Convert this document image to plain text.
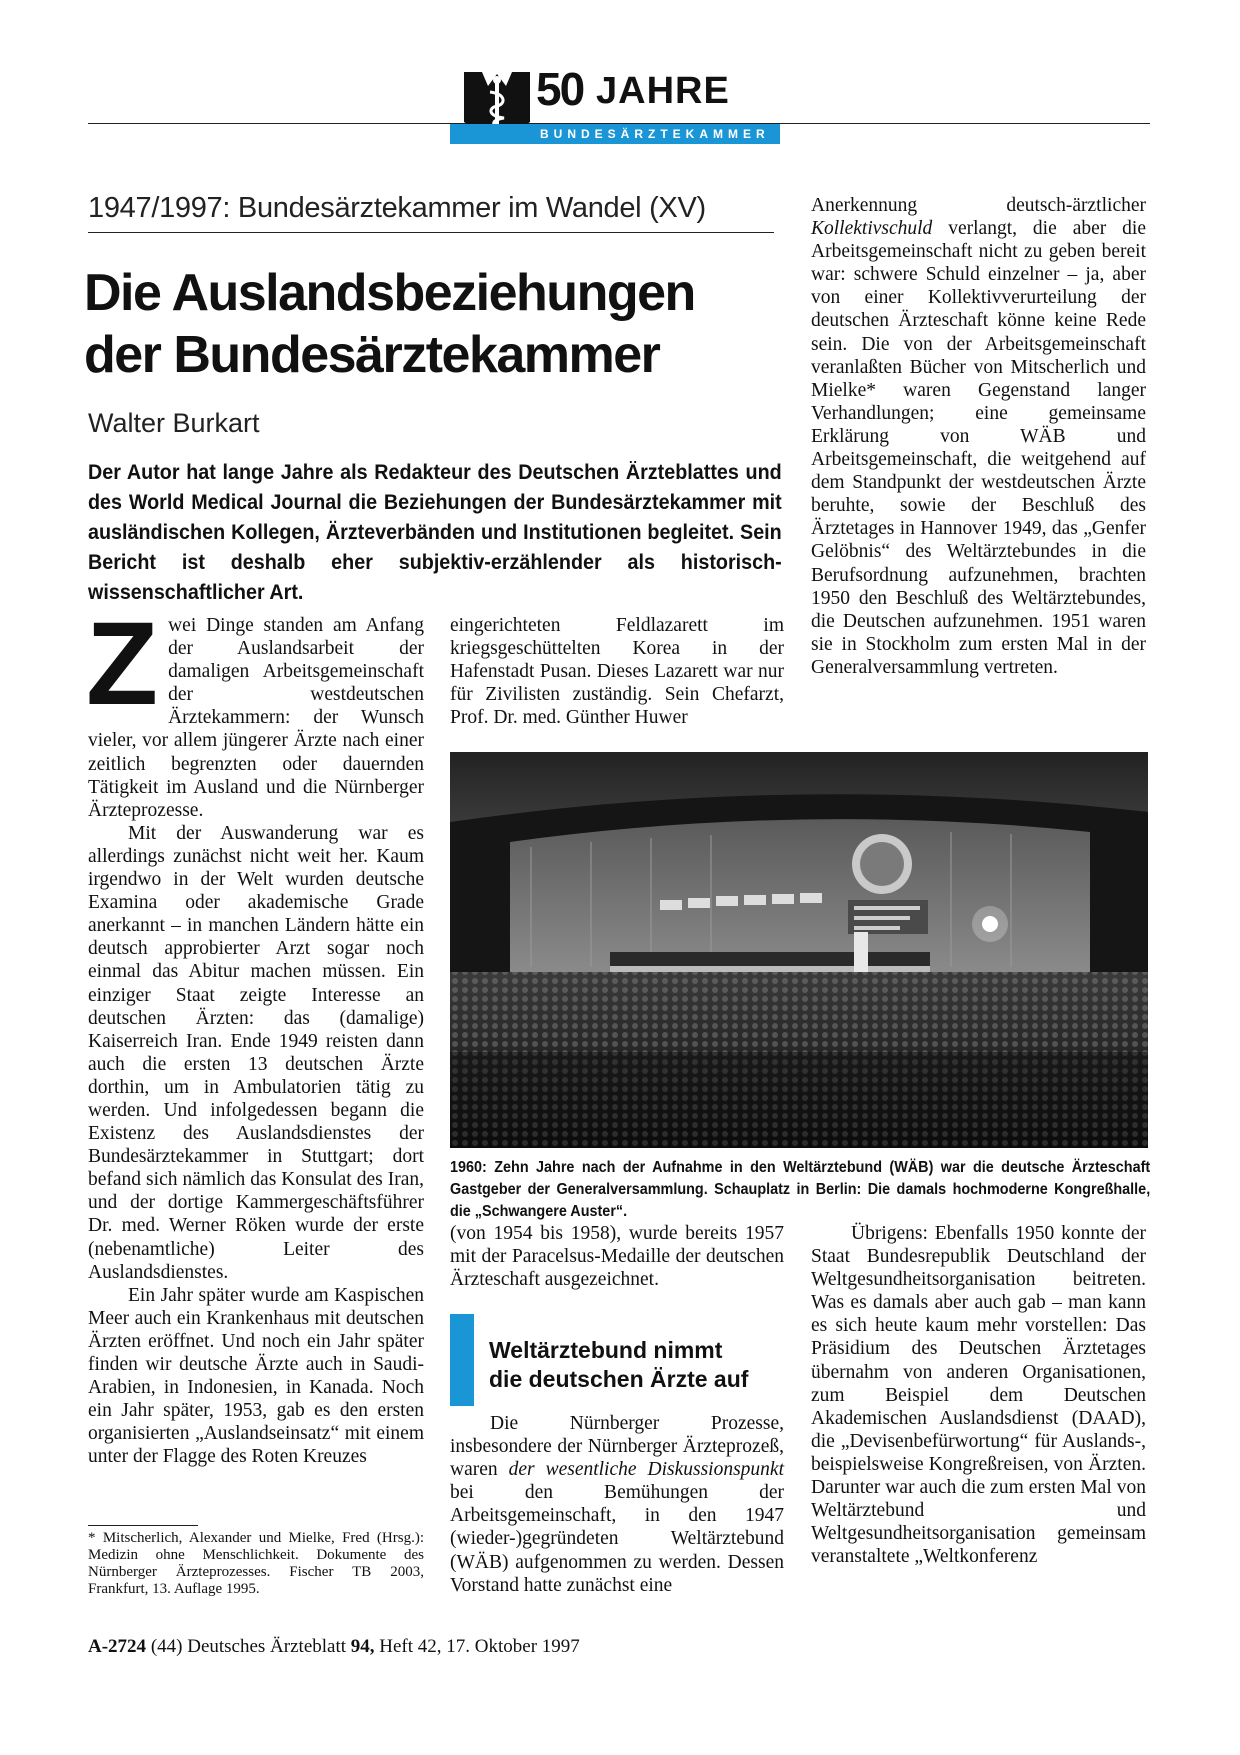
50 JAHRE
BUNDESÄRZTEKAMMER
1947/1997: Bundesärztekammer im Wandel (XV)
Die Auslandsbeziehungen
der Bundesärztekammer
Walter Burkart
Der Autor hat lange Jahre als Redakteur des Deutschen Ärzteblattes und des World Medical Journal die Beziehungen der Bundesärztekammer mit ausländischen Kollegen, Ärzteverbänden und Institutionen begleitet. Sein Bericht ist deshalb eher subjektiv-erzählender als historisch-wissenschaftlicher Art.

Zwei Dinge standen am Anfang der Auslandsarbeit der damaligen Arbeitsgemeinschaft der westdeutschen Ärztekammern: der Wunsch vieler, vor allem jüngerer Ärzte nach einer zeitlich begrenzten oder dauernden Tätigkeit im Ausland und die Nürnberger Ärzteprozesse.

Mit der Auswanderung war es allerdings zunächst nicht weit her. Kaum irgendwo in der Welt wurden deutsche Examina oder akademische Grade anerkannt – in manchen Ländern hätte ein deutsch approbierter Arzt sogar noch einmal das Abitur machen müssen. Ein einziger Staat zeigte Interesse an deutschen Ärzten: das (damalige) Kaiserreich Iran. Ende 1949 reisten dann auch die ersten 13 deutschen Ärzte dorthin, um in Ambulatorien tätig zu werden. Und infolgedessen begann die Existenz des Auslandsdienstes der Bundesärztekammer in Stuttgart; dort befand sich nämlich das Konsulat des Iran, und der dortige Kammergeschäftsführer Dr. med. Werner Röken wurde der erste (nebenamtliche) Leiter des Auslandsdienstes.

Ein Jahr später wurde am Kaspischen Meer auch ein Krankenhaus mit deutschen Ärzten eröffnet. Und noch ein Jahr später finden wir deutsche Ärzte auch in Saudi-Arabien, in Indonesien, in Kanada. Noch ein Jahr später, 1953, gab es den ersten organisierten „Auslandseinsatz“ mit einem unter der Flagge des Roten Kreuzes

* Mitscherlich, Alexander und Mielke, Fred (Hrsg.): Medizin ohne Menschlichkeit. Dokumente des Nürnberger Ärzteprozesses. Fischer TB 2003, Frankfurt, 13. Auflage 1995.

eingerichteten Feldlazarett im kriegsgeschüttelten Korea in der Hafenstadt Pusan. Dieses Lazarett war nur für Zivilisten zuständig. Sein Chefarzt, Prof. Dr. med. Günther Huwer

Anerkennung deutsch-ärztlicher Kollektivschuld verlangt, die aber die Arbeitsgemeinschaft nicht zu geben bereit war: schwere Schuld einzelner – ja, aber von einer Kollektivverurteilung der deutschen Ärzteschaft könne keine Rede sein. Die von der Arbeitsgemeinschaft veranlaßten Bücher von Mitscherlich und Mielke* waren Gegenstand langer Verhandlungen; eine gemeinsame Erklärung von WÄB und Arbeitsgemeinschaft, die weitgehend auf dem Standpunkt der westdeutschen Ärzte beruhte, sowie der Beschluß des Ärztetages in Hannover 1949, das „Genfer Gelöbnis“ des Weltärztebundes in die Berufsordnung aufzunehmen, brachten 1950 den Beschluß des Weltärztebundes, die Deutschen aufzunehmen. 1951 waren sie in Stockholm zum ersten Mal in der Generalversammlung vertreten.

1960: Zehn Jahre nach der Aufnahme in den Weltärztebund (WÄB) war die deutsche Ärzteschaft Gastgeber der Generalversammlung. Schauplatz in Berlin: Die damals hochmoderne Kongreßhalle, die „Schwangere Auster“.

(von 1954 bis 1958), wurde bereits 1957 mit der Paracelsus-Medaille der deutschen Ärzteschaft ausgezeichnet.

Weltärztebund nimmt
die deutschen Ärzte auf

Die Nürnberger Prozesse, insbesondere der Nürnberger Ärzteprozeß, waren der wesentliche Diskussionspunkt bei den Bemühungen der Arbeitsgemeinschaft, in den 1947 (wieder-)gegründeten Weltärztebund (WÄB) aufgenommen zu werden. Dessen Vorstand hatte zunächst eine

Übrigens: Ebenfalls 1950 konnte der Staat Bundesrepublik Deutschland der Weltgesundheitsorganisation beitreten. Was es damals aber auch gab – man kann es sich heute kaum mehr vorstellen: Das Präsidium des Deutschen Ärztetages übernahm von anderen Organisationen, zum Beispiel dem Deutschen Akademischen Auslandsdienst (DAAD), die „Devisenbefürwortung“ für Auslands-, beispielsweise Kongreßreisen, von Ärzten. Darunter war auch die zum ersten Mal von Weltärztebund und Weltgesundheitsorganisation gemeinsam veranstaltete „Weltkonferenz

A-2724 (44) Deutsches Ärzteblatt 94, Heft 42, 17. Oktober 1997
